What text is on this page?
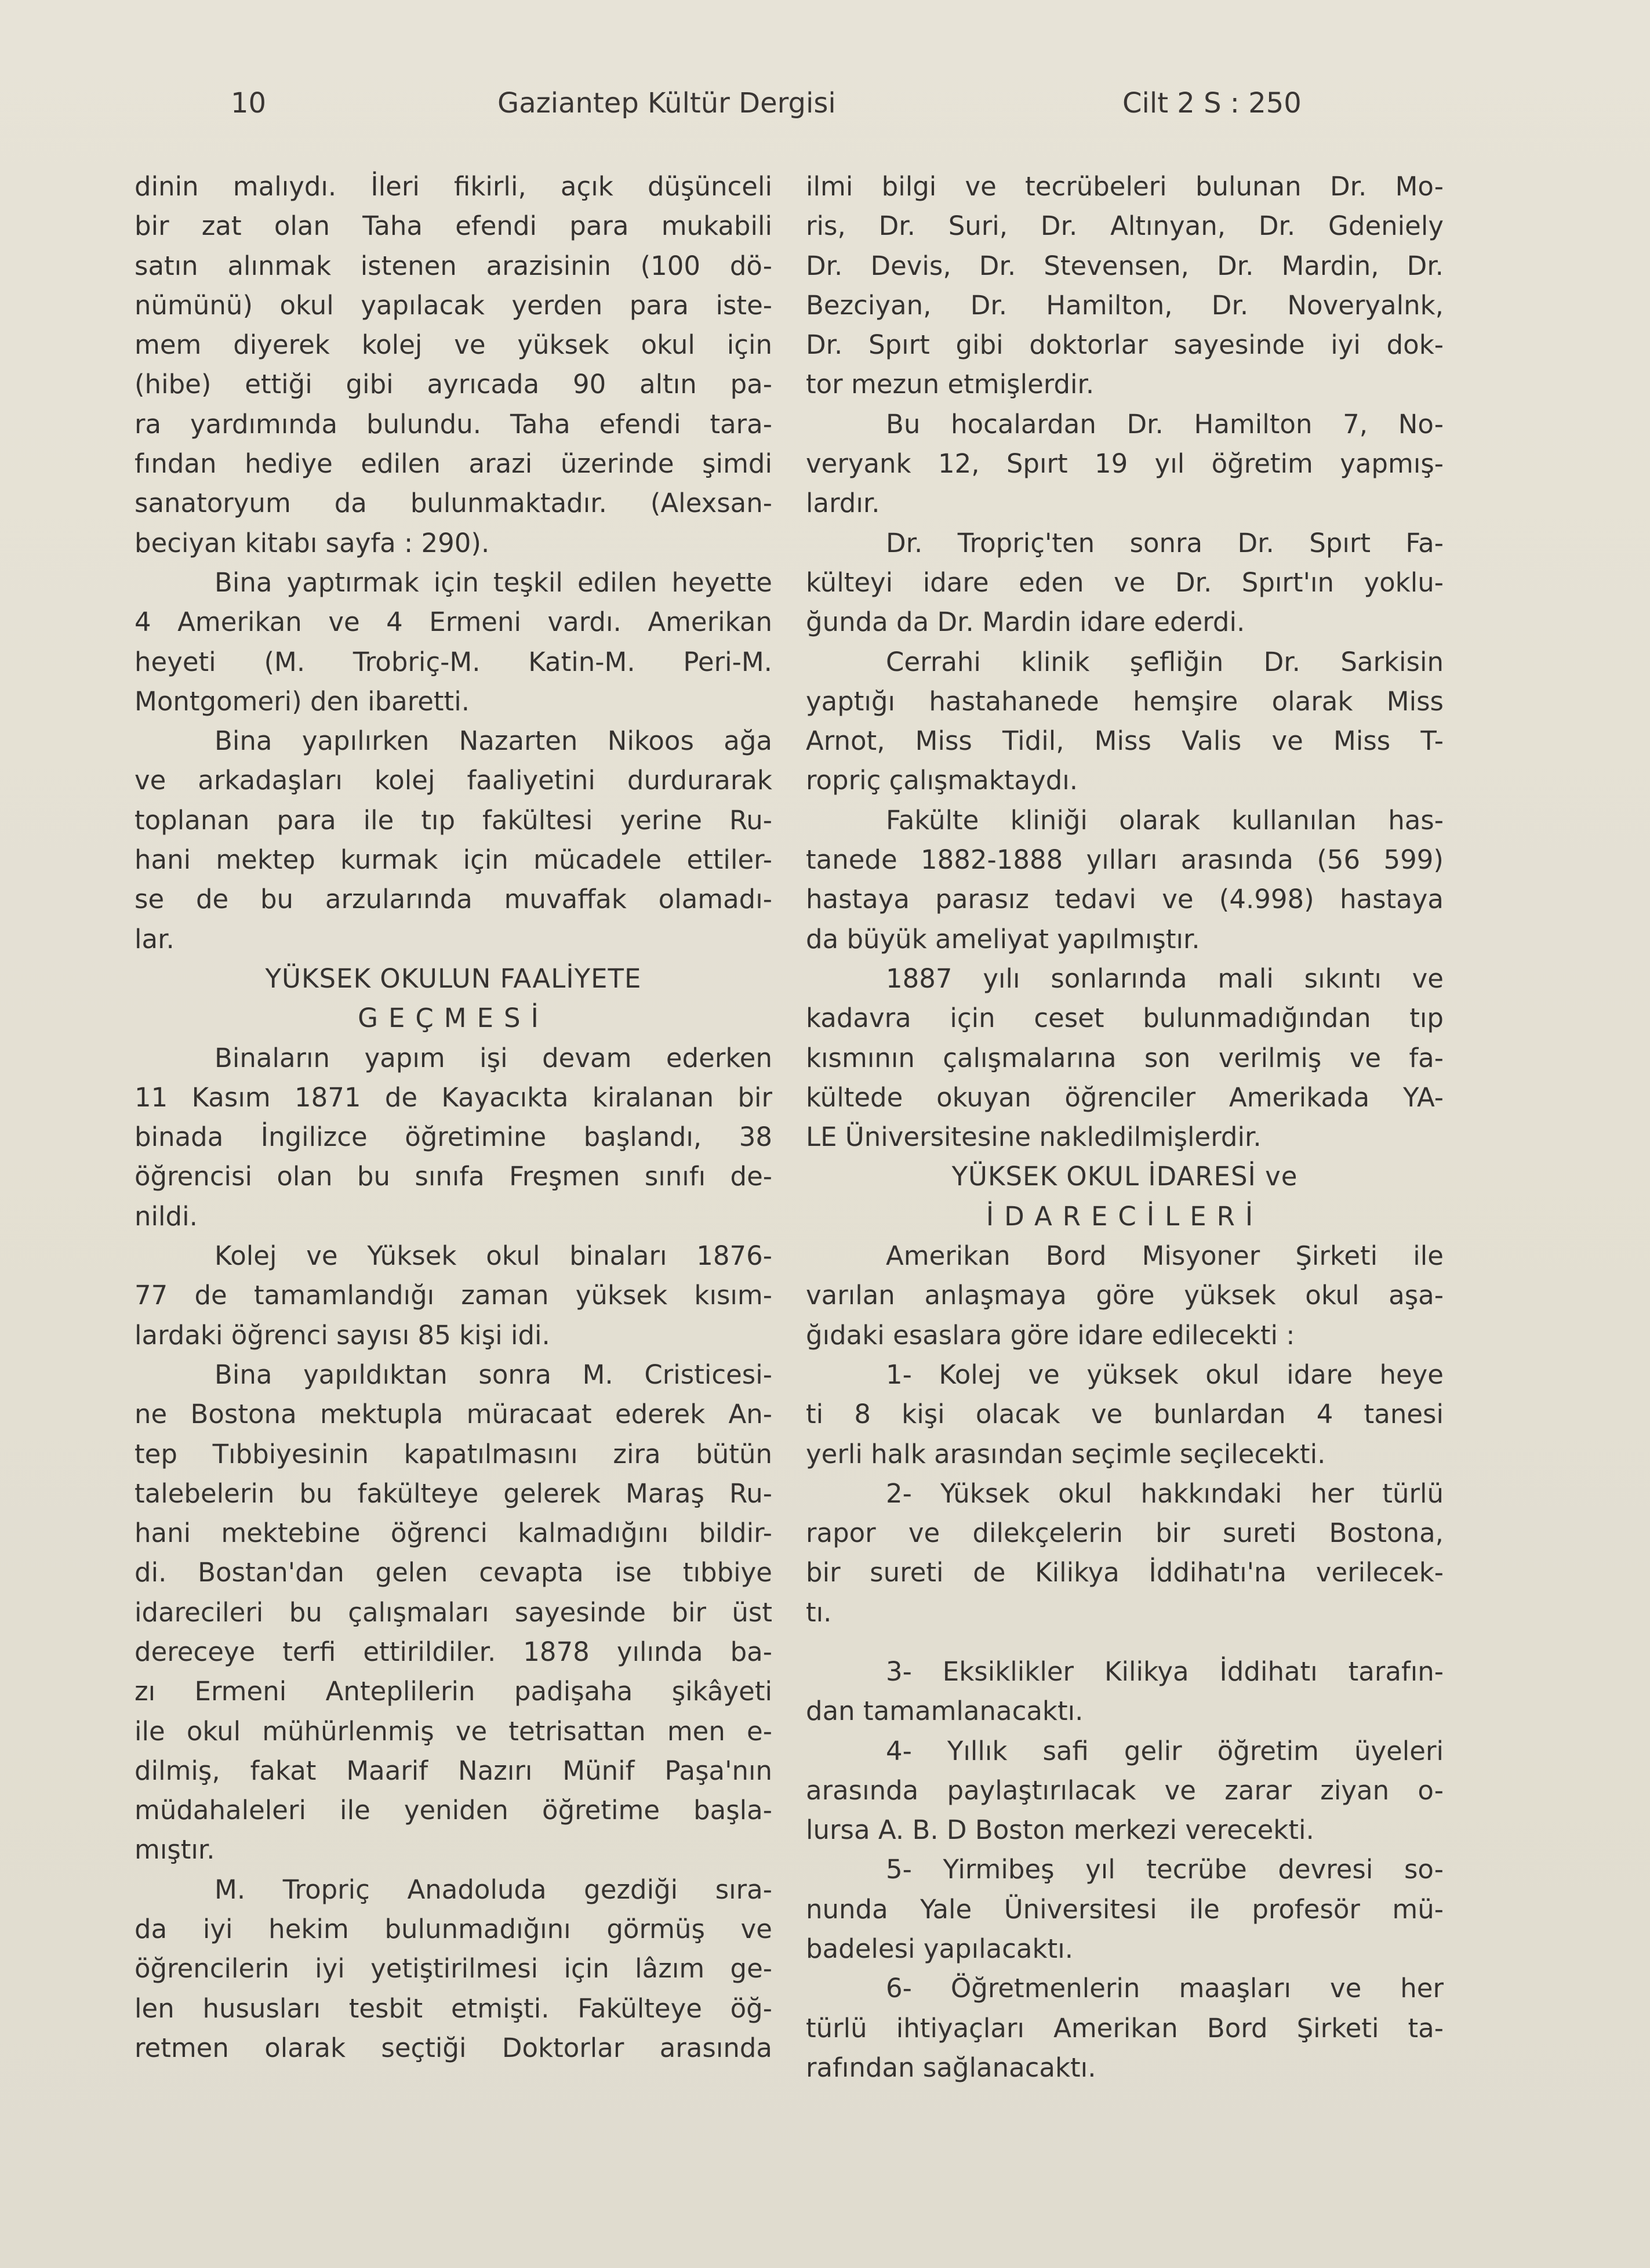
10	Gaziantep Kültür Dergisi	Cilt 2 S : 250
dinin malıydı. İleri fikirli, açık düşünceli
bir zat olan Taha efendi para mukabili
satın alınmak istenen arazisinin (100 dö-
nümünü) okul yapılacak yerden para iste-
mem diyerek kolej ve yüksek okul için
(hibe) ettiği gibi ayrıcada 90 altın pa-
ra yardımında bulundu. Taha efendi tara-
fından hediye edilen arazi üzerinde şimdi
sanatoryum da bulunmaktadır. (Alexsan-
beciyan kitabı sayfa : 290).
Bina yaptırmak için teşkil edilen heyette
4 Amerikan ve 4 Ermeni vardı. Amerikan
heyeti (M. Trobriç-M. Katin-M. Peri-M.
Montgomeri) den ibaretti.
Bina yapılırken Nazarten Nikoos ağa
ve arkadaşları kolej faaliyetini durdurarak
toplanan para ile tıp fakültesi yerine Ru-
hani mektep kurmak için mücadele ettiler-
se de bu arzularında muvaffak olamadı-
lar.
YÜKSEK OKULUN FAALİYETE
GEÇMESİ
Binaların yapım işi devam ederken
11 Kasım 1871 de Kayacıkta kiralanan bir
binada İngilizce öğretimine başlandı, 38
öğrencisi olan bu sınıfa Freşmen sınıfı de-
nildi.
Kolej ve Yüksek okul binaları 1876-
77 de tamamlandığı zaman yüksek kısım-
lardaki öğrenci sayısı 85 kişi idi.
Bina yapıldıktan sonra M. Cristicesi-
ne Bostona mektupla müracaat ederek An-
tep Tıbbiyesinin kapatılmasını zira bütün
talebelerin bu fakülteye gelerek Maraş Ru-
hani mektebine öğrenci kalmadığını bildir-
di. Bostan'dan gelen cevapta ise tıbbiye
idarecileri bu çalışmaları sayesinde bir üst
dereceye terfi ettirildiler. 1878 yılında ba-
zı Ermeni Anteplilerin padişaha şikâyeti
ile okul mühürlenmiş ve tetrisattan men e-
dilmiş, fakat Maarif Nazırı Münif Paşa'nın
müdahaleleri ile yeniden öğretime başla-
mıştır.
M. Tropriç Anadoluda gezdiği sıra-
da iyi hekim bulunmadığını görmüş ve
öğrencilerin iyi yetiştirilmesi için lâzım ge-
len hususları tesbit etmişti. Fakülteye öğ-
retmen olarak seçtiği Doktorlar arasında
ilmi bilgi ve tecrübeleri bulunan Dr. Mo-
ris, Dr. Suri, Dr. Altınyan, Dr. Gdeniely
Dr. Devis, Dr. Stevensen, Dr. Mardin, Dr.
Bezciyan, Dr. Hamilton, Dr. Noveryalnk,
Dr. Spırt gibi doktorlar sayesinde iyi dok-
tor mezun etmişlerdir.
Bu hocalardan Dr. Hamilton 7, No-
veryank 12, Spırt 19 yıl öğretim yapmış-
lardır.
Dr. Tropriç'ten sonra Dr. Spırt Fa-
külteyi idare eden ve Dr. Spırt'ın yoklu-
ğunda da Dr. Mardin idare ederdi.
Cerrahi klinik şefliğin Dr. Sarkisin
yaptığı hastahanede hemşire olarak Miss
Arnot, Miss Tidil, Miss Valis ve Miss T-
ropriç çalışmaktaydı.
Fakülte kliniği olarak kullanılan has-
tanede 1882-1888 yılları arasında (56 599)
hastaya parasız tedavi ve (4.998) hastaya
da büyük ameliyat yapılmıştır.
1887 yılı sonlarında mali sıkıntı ve
kadavra için ceset bulunmadığından tıp
kısmının çalışmalarına son verilmiş ve fa-
kültede okuyan öğrenciler Amerikada YA-
LE Üniversitesine nakledilmişlerdir.
YÜKSEK OKUL İDARESİ ve
İDARECİLERİ
Amerikan Bord Misyoner Şirketi ile
varılan anlaşmaya göre yüksek okul aşa-
ğıdaki esaslara göre idare edilecekti :
1- Kolej ve yüksek okul idare heye
ti 8 kişi olacak ve bunlardan 4 tanesi
yerli halk arasından seçimle seçilecekti.
2- Yüksek okul hakkındaki her türlü
rapor ve dilekçelerin bir sureti Bostona,
bir sureti de Kilikya İddihatı'na verilecek-
tı.
3- Eksiklikler Kilikya İddihatı tarafın-
dan tamamlanacaktı.
4- Yıllık safi gelir öğretim üyeleri
arasında paylaştırılacak ve zarar ziyan o-
lursa A. B. D Boston merkezi verecekti.
5- Yirmibeş yıl tecrübe devresi so-
nunda Yale Üniversitesi ile profesör mü-
badelesi yapılacaktı.
6- Öğretmenlerin maaşları ve her
türlü ihtiyaçları Amerikan Bord Şirketi ta-
rafından sağlanacaktı.
